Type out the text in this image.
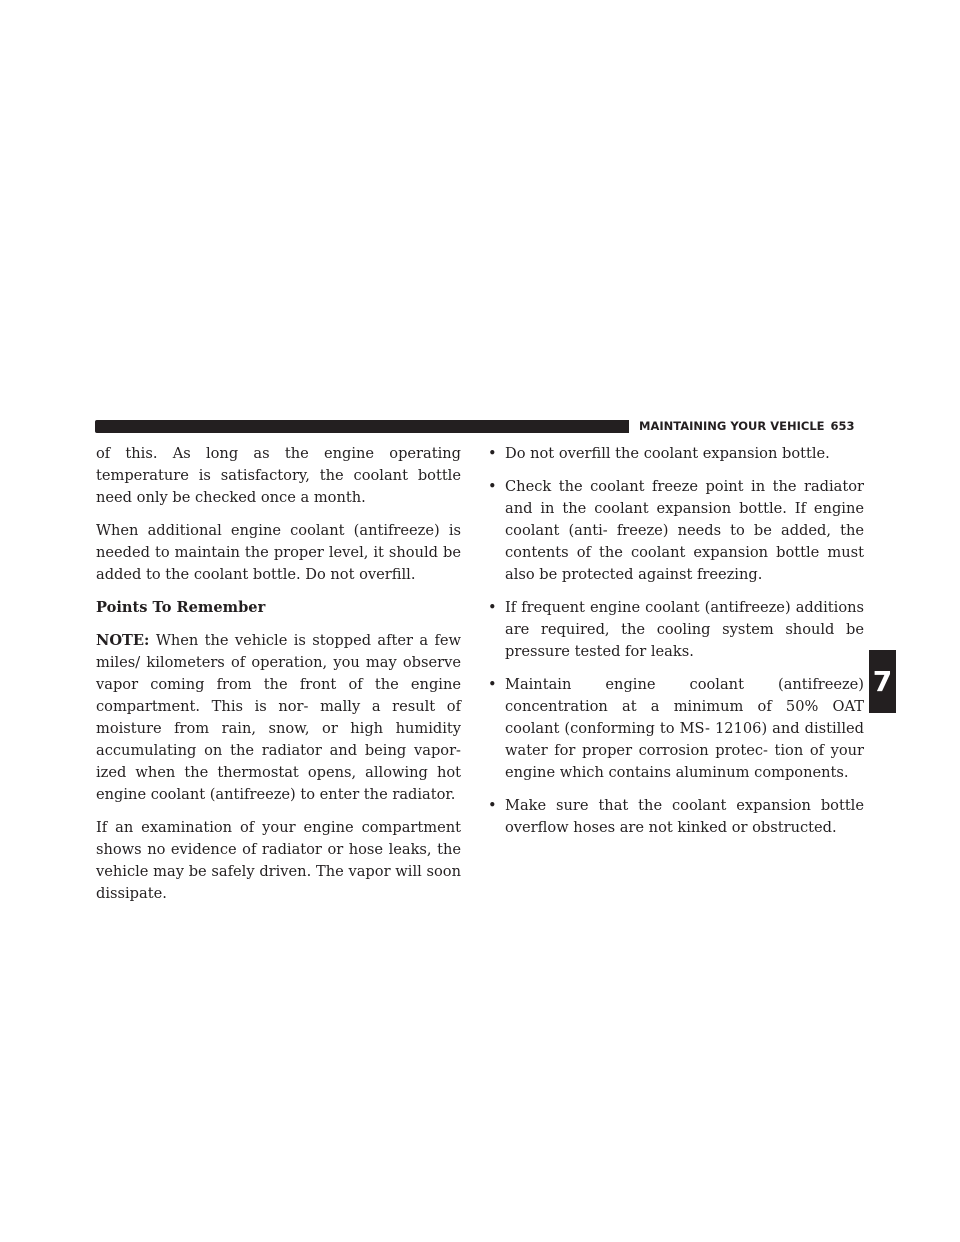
MAINTAINING YOUR VEHICLE 653
7

of this. As long as the engine operating temperature is satisfactory, the coolant bottle need only be checked once a month.

When additional engine coolant (antifreeze) is needed to maintain the proper level, it should be added to the coolant bottle. Do not overfill.

Points To Remember

NOTE: When the vehicle is stopped after a few miles/ kilometers of operation, you may observe vapor coming from the front of the engine compartment. This is nor- mally a result of moisture from rain, snow, or high humidity accumulating on the radiator and being vapor- ized when the thermostat opens, allowing hot engine coolant (antifreeze) to enter the radiator.

If an examination of your engine compartment shows no evidence of radiator or hose leaks, the vehicle may be safely driven. The vapor will soon dissipate.

• Do not overfill the coolant expansion bottle.
• Check the coolant freeze point in the radiator and in the coolant expansion bottle. If engine coolant (anti- freeze) needs to be added, the contents of the coolant expansion bottle must also be protected against freezing.
• If frequent engine coolant (antifreeze) additions are required, the cooling system should be pressure tested for leaks.
• Maintain engine coolant (antifreeze) concentration at a minimum of 50% OAT coolant (conforming to MS- 12106) and distilled water for proper corrosion protec- tion of your engine which contains aluminum components.
• Make sure that the coolant expansion bottle overflow hoses are not kinked or obstructed.
